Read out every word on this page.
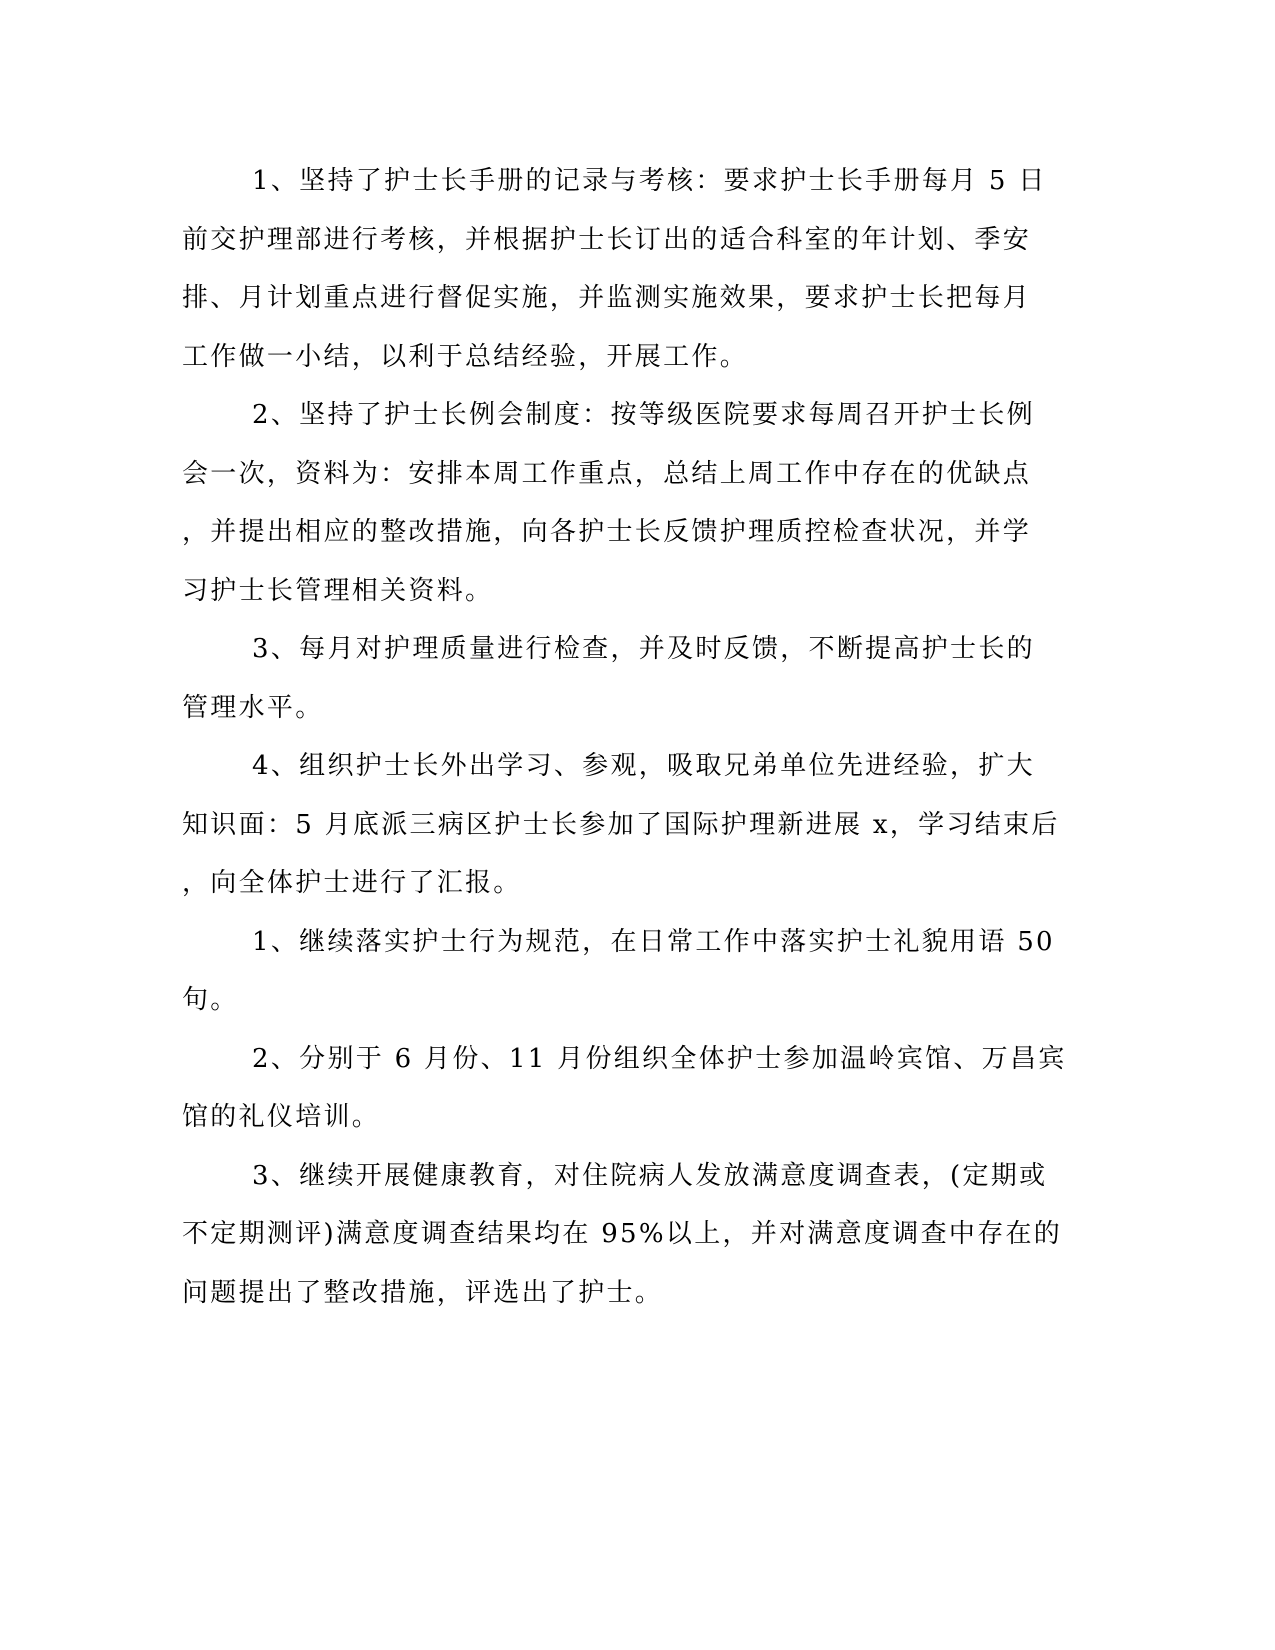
1、坚持了护士长手册的记录与考核：要求护士长手册每月 5 日
前交护理部进行考核，并根据护士长订出的适合科室的年计划、季安
排、月计划重点进行督促实施，并监测实施效果，要求护士长把每月
工作做一小结，以利于总结经验，开展工作。

2、坚持了护士长例会制度：按等级医院要求每周召开护士长例
会一次，资料为：安排本周工作重点，总结上周工作中存在的优缺点
，并提出相应的整改措施，向各护士长反馈护理质控检查状况，并学
习护士长管理相关资料。

3、每月对护理质量进行检查，并及时反馈，不断提高护士长的
管理水平。

4、组织护士长外出学习、参观，吸取兄弟单位先进经验，扩大
知识面：5 月底派三病区护士长参加了国际护理新进展 x，学习结束后
，向全体护士进行了汇报。

1、继续落实护士行为规范，在日常工作中落实护士礼貌用语 50
句。

2、分别于 6 月份、11 月份组织全体护士参加温岭宾馆、万昌宾
馆的礼仪培训。

3、继续开展健康教育，对住院病人发放满意度调查表，(定期或
不定期测评)满意度调查结果均在 95%以上，并对满意度调查中存在的
问题提出了整改措施，评选出了护士。
